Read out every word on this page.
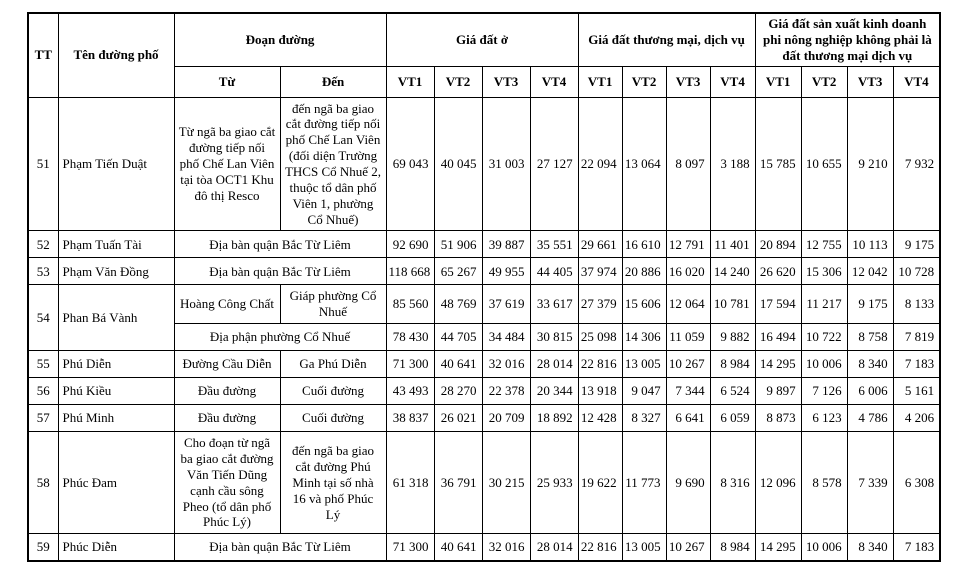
TT	Tên đường phố	Đoạn đường		Giá đất ở				Giá đất thương mại, dịch vụ				Giá đất sản xuất kinh doanh phi nông nghiệp không phải là đất thương mại dịch vụ			
		Từ	Đến	VT1	VT2	VT3	VT4	VT1	VT2	VT3	VT4	VT1	VT2	VT3	VT4
51	Phạm Tiến Duật	Từ ngã ba giao cắt đường tiếp nối phố Chế Lan Viên tại tòa OCT1 Khu đô thị Resco	đến ngã ba giao cắt đường tiếp nối phố Chế Lan Viên (đối diện Trường THCS Cổ Nhuế 2, thuộc tổ dân phố Viên 1, phường Cổ Nhuế)	69 043	40 045	31 003	27 127	22 094	13 064	8 097	3 188	15 785	10 655	9 210	7 932
52	Phạm Tuấn Tài	Địa bàn quận Bắc Từ Liêm		92 690	51 906	39 887	35 551	29 661	16 610	12 791	11 401	20 894	12 755	10 113	9 175
53	Phạm Văn Đồng	Địa bàn quận Bắc Từ Liêm		118 668	65 267	49 955	44 405	37 974	20 886	16 020	14 240	26 620	15 306	12 042	10 728
54	Phan Bá Vành	Hoàng Công Chất	Giáp phường Cổ Nhuế	85 560	48 769	37 619	33 617	27 379	15 606	12 064	10 781	17 594	11 217	9 175	8 133
		Địa phận phường Cổ Nhuế		78 430	44 705	34 484	30 815	25 098	14 306	11 059	9 882	16 494	10 722	8 758	7 819
55	Phú Diễn	Đường Cầu Diễn	Ga Phú Diễn	71 300	40 641	32 016	28 014	22 816	13 005	10 267	8 984	14 295	10 006	8 340	7 183
56	Phú Kiều	Đầu đường	Cuối đường	43 493	28 270	22 378	20 344	13 918	9 047	7 344	6 524	9 897	7 126	6 006	5 161
57	Phú Minh	Đầu đường	Cuối đường	38 837	26 021	20 709	18 892	12 428	8 327	6 641	6 059	8 873	6 123	4 786	4 206
58	Phúc Đam	Cho đoạn từ ngã ba giao cắt đường Văn Tiến Dũng cạnh cầu sông Pheo (tổ dân phố Phúc Lý)	đến ngã ba giao cắt đường Phú Minh tại số nhà 16 và phố Phúc Lý	61 318	36 791	30 215	25 933	19 622	11 773	9 690	8 316	12 096	8 578	7 339	6 308
59	Phúc Diễn	Địa bàn quận Bắc Từ Liêm		71 300	40 641	32 016	28 014	22 816	13 005	10 267	8 984	14 295	10 006	8 340	7 183
